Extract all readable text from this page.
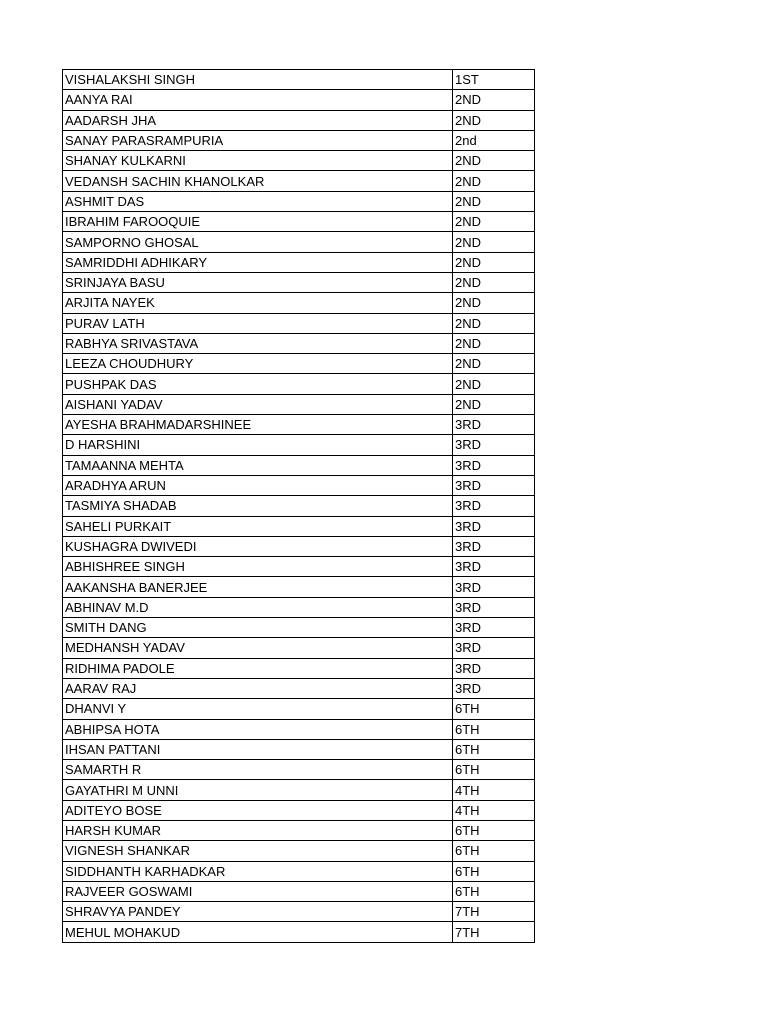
VISHALAKSHI SINGH	1ST
AANYA RAI	2ND
AADARSH JHA	2ND
SANAY PARASRAMPURIA	2nd
SHANAY KULKARNI	2ND
VEDANSH SACHIN KHANOLKAR	2ND
ASHMIT DAS	2ND
IBRAHIM FAROOQUIE	2ND
SAMPORNO GHOSAL	2ND
SAMRIDDHI ADHIKARY	2ND
SRINJAYA BASU	2ND
ARJITA NAYEK	2ND
PURAV LATH	2ND
RABHYA SRIVASTAVA	2ND
LEEZA CHOUDHURY	2ND
PUSHPAK DAS	2ND
AISHANI YADAV	2ND
AYESHA BRAHMADARSHINEE	3RD
D HARSHINI	3RD
TAMAANNA MEHTA	3RD
ARADHYA ARUN	3RD
TASMIYA SHADAB	3RD
SAHELI PURKAIT	3RD
KUSHAGRA DWIVEDI	3RD
ABHISHREE SINGH	3RD
AAKANSHA BANERJEE	3RD
ABHINAV M.D	3RD
SMITH DANG	3RD
MEDHANSH YADAV	3RD
RIDHIMA PADOLE	3RD
AARAV RAJ	3RD
DHANVI Y	6TH
ABHIPSA HOTA	6TH
IHSAN PATTANI	6TH
SAMARTH R	6TH
GAYATHRI M UNNI	4TH
ADITEYO BOSE	4TH
HARSH KUMAR	6TH
VIGNESH SHANKAR	6TH
SIDDHANTH KARHADKAR	6TH
RAJVEER GOSWAMI	6TH
SHRAVYA PANDEY	7TH
MEHUL MOHAKUD	7TH
